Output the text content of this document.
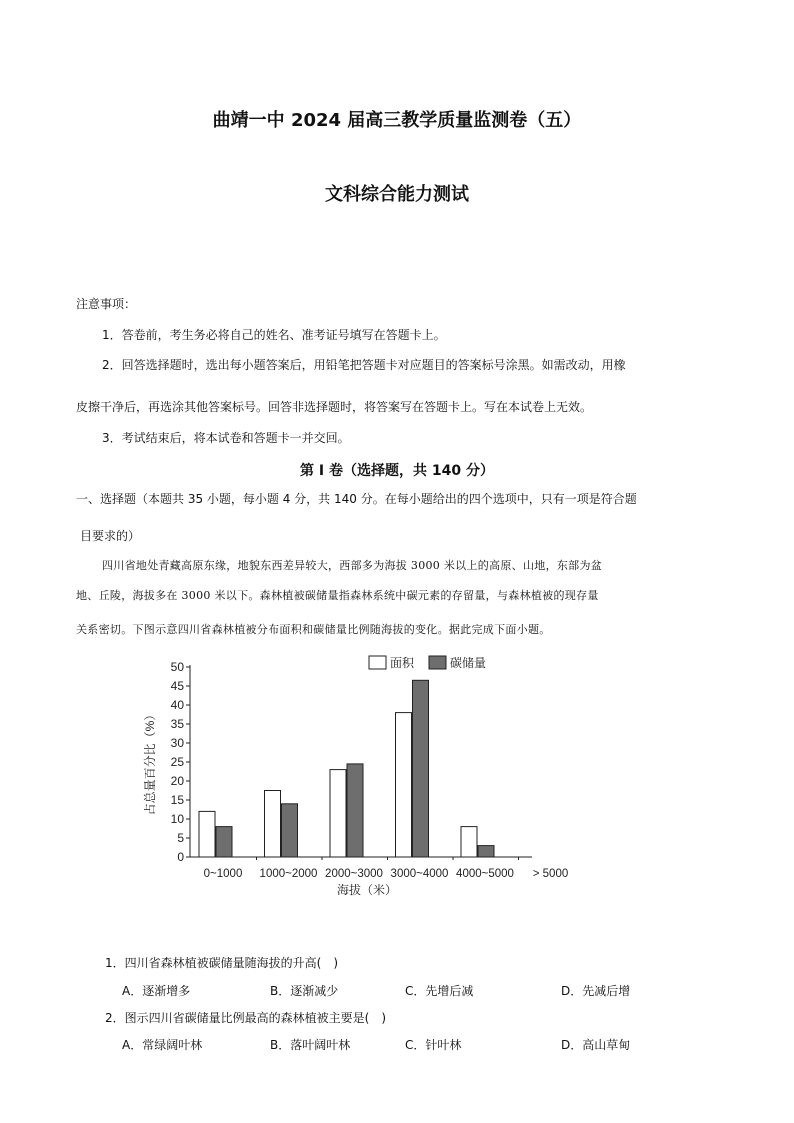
曲靖一中 2024 届高三教学质量监测卷（五）
文科综合能力测试
注意事项：
1．答卷前，考生务必将自己的姓名、准考证号填写在答题卡上。
2．回答选择题时，选出每小题答案后，用铅笔把答题卡对应题目的答案标号涂黑。如需改动，用橡
皮擦干净后，再选涂其他答案标号。回答非选择题时，将答案写在答题卡上。写在本试卷上无效。
3．考试结束后，将本试卷和答题卡一并交回。
第 I 卷（选择题，共 140 分）
一、选择题（本题共 35 小题，每小题 4 分，共 140 分。在每小题给出的四个选项中，只有一项是符合题
目要求的）
四川省地处青藏高原东缘，地貌东西差异较大，西部多为海拔 3000 米以上的高原、山地，东部为盆
地、丘陵，海拔多在 3000 米以下。森林植被碳储量指森林系统中碳元素的存留量，与森林植被的现存量
关系密切。下图示意四川省森林植被分布面积和碳储量比例随海拔的变化。据此完成下面小题。
0
5
10
15
20
25
30
35
40
45
50
0~1000 1000~2000 2000~3000 3000~4000 4000~5000 > 5000
占总量百分比（%）
海拔（米）
面积	碳储量
1．四川省森林植被碳储量随海拔的升高(　)
A．逐渐增多	B．逐渐减少	C．先增后减	D．先减后增
2．图示四川省碳储量比例最高的森林植被主要是(　)
A．常绿阔叶林	B．落叶阔叶林	C．针叶林	D．高山草甸
